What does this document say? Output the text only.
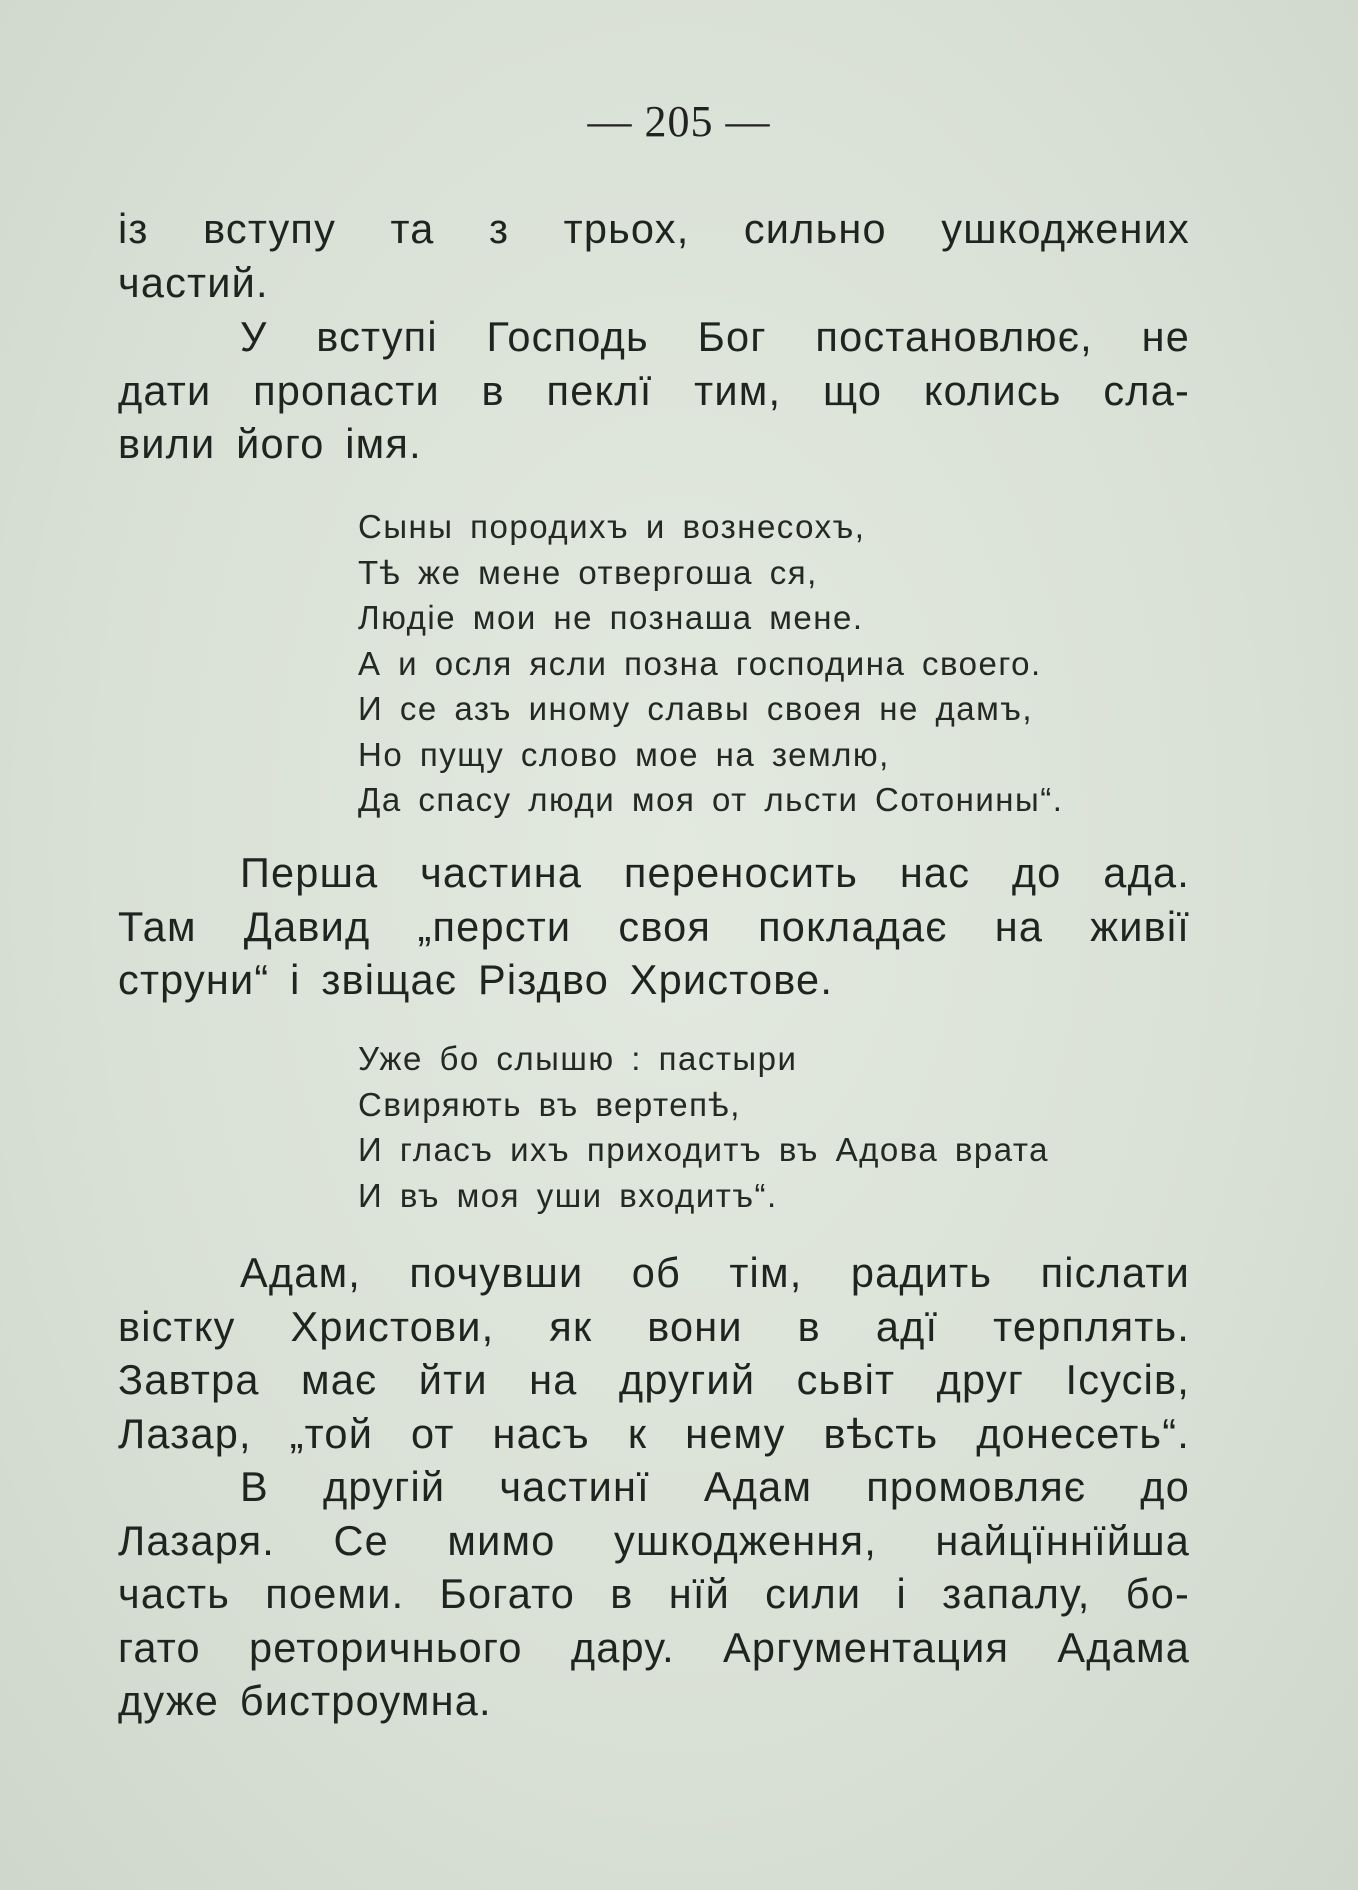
— 205 —

із вступу та з трьох, сильно ушкоджених
частий.

У вступі Господь Бог постановлює, не
дати пропасти в пеклї тим, що колись сла-
вили його імя.

Сыны породихъ и вознесохъ,
Тѣ же мене отвергоша ся,
Людіе мои не познаша мене.
А и осля ясли позна господина своего.
И се азъ иному славы своея не дамъ,
Но пущу слово мое на землю,
Да спасу люди моя от льсти Сотонины“.

Перша частина переносить нас до ада.
Там Давид „персти своя покладає на живії
струни“ і звіщає Різдво Христове.

Уже бо слышю : пастыри
Свиряють въ вертепѣ,
И гласъ ихъ приходитъ въ Адова врата
И въ моя уши входитъ“.

Адам, почувши об тім, радить післати
вістку Христови, як вони в адї терплять.
Завтра має йти на другий сьвіт друг Ісусів,
Лазар, „той от насъ к нему вѣсть донесеть“.

В другій частинї Адам промовляє до
Лазаря. Се мимо ушкодження, найцїннїйша
часть поеми. Богато в нїй сили і запалу, бо-
гато реторичнього дару. Аргументация Адама
дуже бистроумна.
